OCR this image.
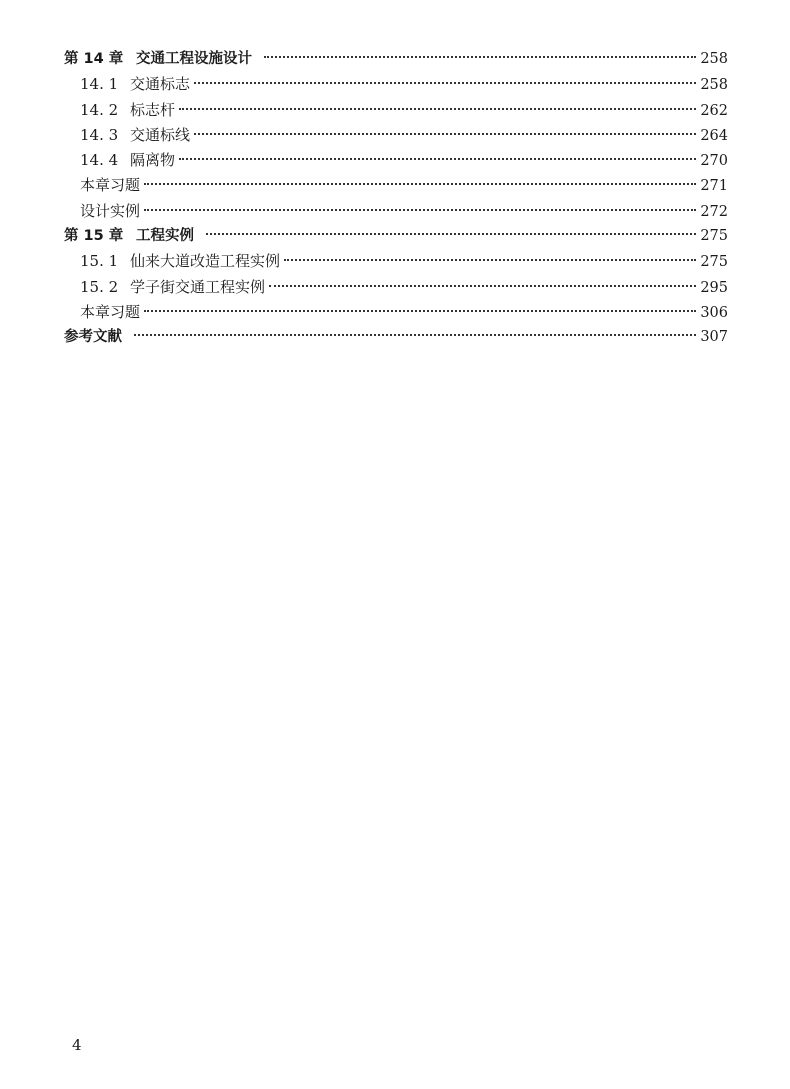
第 14 章 交通工程设施设计	258
14. 1 交通标志	258
14. 2 标志杆	262
14. 3 交通标线	264
14. 4 隔离物	270
本章习题	271
设计实例	272
第 15 章 工程实例	275
15. 1 仙来大道改造工程实例	275
15. 2 学子街交通工程实例	295
本章习题	306
参考文献	307
4
